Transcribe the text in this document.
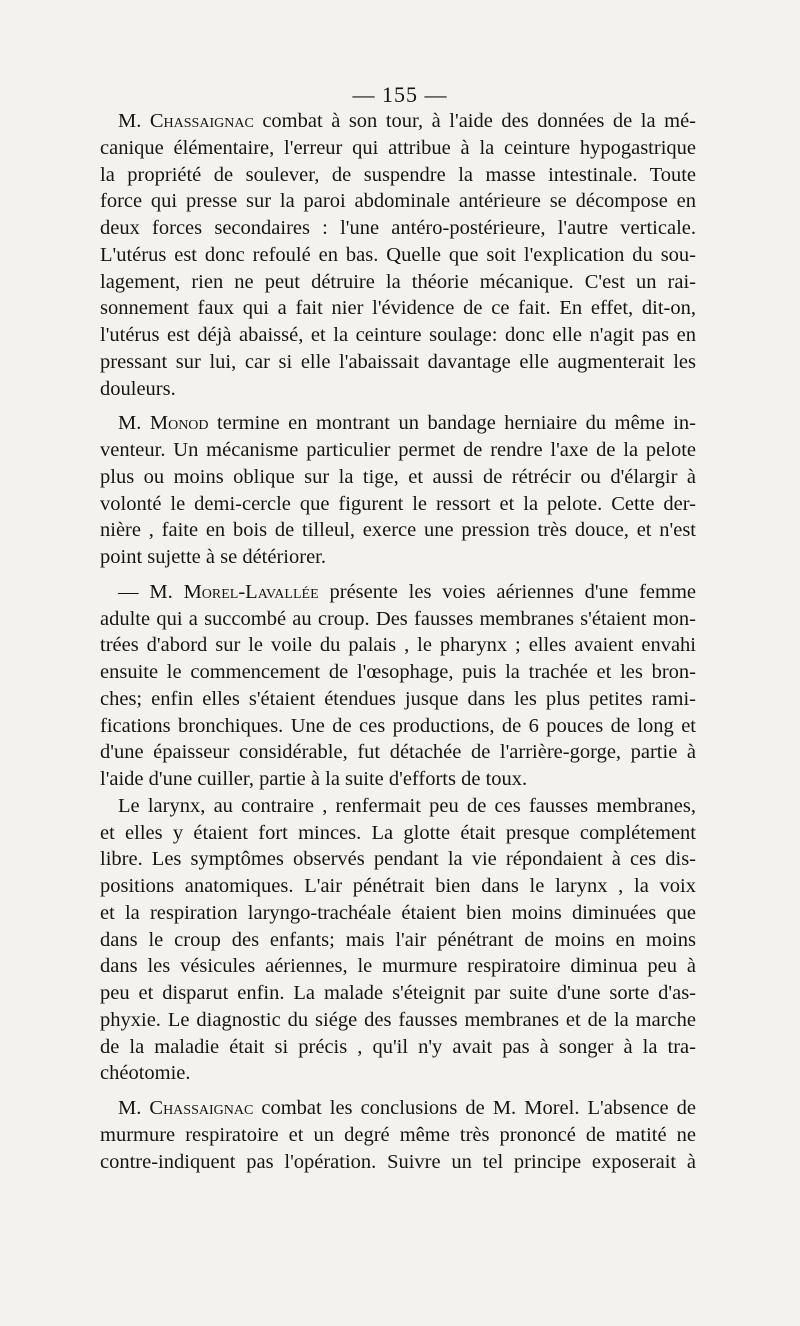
— 155 —

M. Chassaignac combat à son tour, à l'aide des données de la mé-
canique élémentaire, l'erreur qui attribue à la ceinture hypogastrique
la propriété de soulever, de suspendre la masse intestinale. Toute
force qui presse sur la paroi abdominale antérieure se décompose en
deux forces secondaires : l'une antéro-postérieure, l'autre verticale.
L'utérus est donc refoulé en bas. Quelle que soit l'explication du sou-
lagement, rien ne peut détruire la théorie mécanique. C'est un rai-
sonnement faux qui a fait nier l'évidence de ce fait. En effet, dit-on,
l'utérus est déjà abaissé, et la ceinture soulage: donc elle n'agit pas en
pressant sur lui, car si elle l'abaissait davantage elle augmenterait les
douleurs.

M. Monod termine en montrant un bandage herniaire du même in-
venteur. Un mécanisme particulier permet de rendre l'axe de la pelote
plus ou moins oblique sur la tige, et aussi de rétrécir ou d'élargir à
volonté le demi-cercle que figurent le ressort et la pelote. Cette der-
nière , faite en bois de tilleul, exerce une pression très douce, et n'est
point sujette à se détériorer.

— M. Morel-Lavallée présente les voies aériennes d'une femme
adulte qui a succombé au croup. Des fausses membranes s'étaient mon-
trées d'abord sur le voile du palais , le pharynx ; elles avaient envahi
ensuite le commencement de l'œsophage, puis la trachée et les bron-
ches; enfin elles s'étaient étendues jusque dans les plus petites rami-
fications bronchiques. Une de ces productions, de 6 pouces de long et
d'une épaisseur considérable, fut détachée de l'arrière-gorge, partie à
l'aide d'une cuiller, partie à la suite d'efforts de toux.

Le larynx, au contraire , renfermait peu de ces fausses membranes,
et elles y étaient fort minces. La glotte était presque complétement
libre. Les symptômes observés pendant la vie répondaient à ces dis-
positions anatomiques. L'air pénétrait bien dans le larynx , la voix
et la respiration laryngo-trachéale étaient bien moins diminuées que
dans le croup des enfants; mais l'air pénétrant de moins en moins
dans les vésicules aériennes, le murmure respiratoire diminua peu à
peu et disparut enfin. La malade s'éteignit par suite d'une sorte d'as-
phyxie. Le diagnostic du siége des fausses membranes et de la marche
de la maladie était si précis , qu'il n'y avait pas à songer à la tra-
chéotomie.

M. Chassaignac combat les conclusions de M. Morel. L'absence de
murmure respiratoire et un degré même très prononcé de matité ne
contre-indiquent pas l'opération. Suivre un tel principe exposerait à
